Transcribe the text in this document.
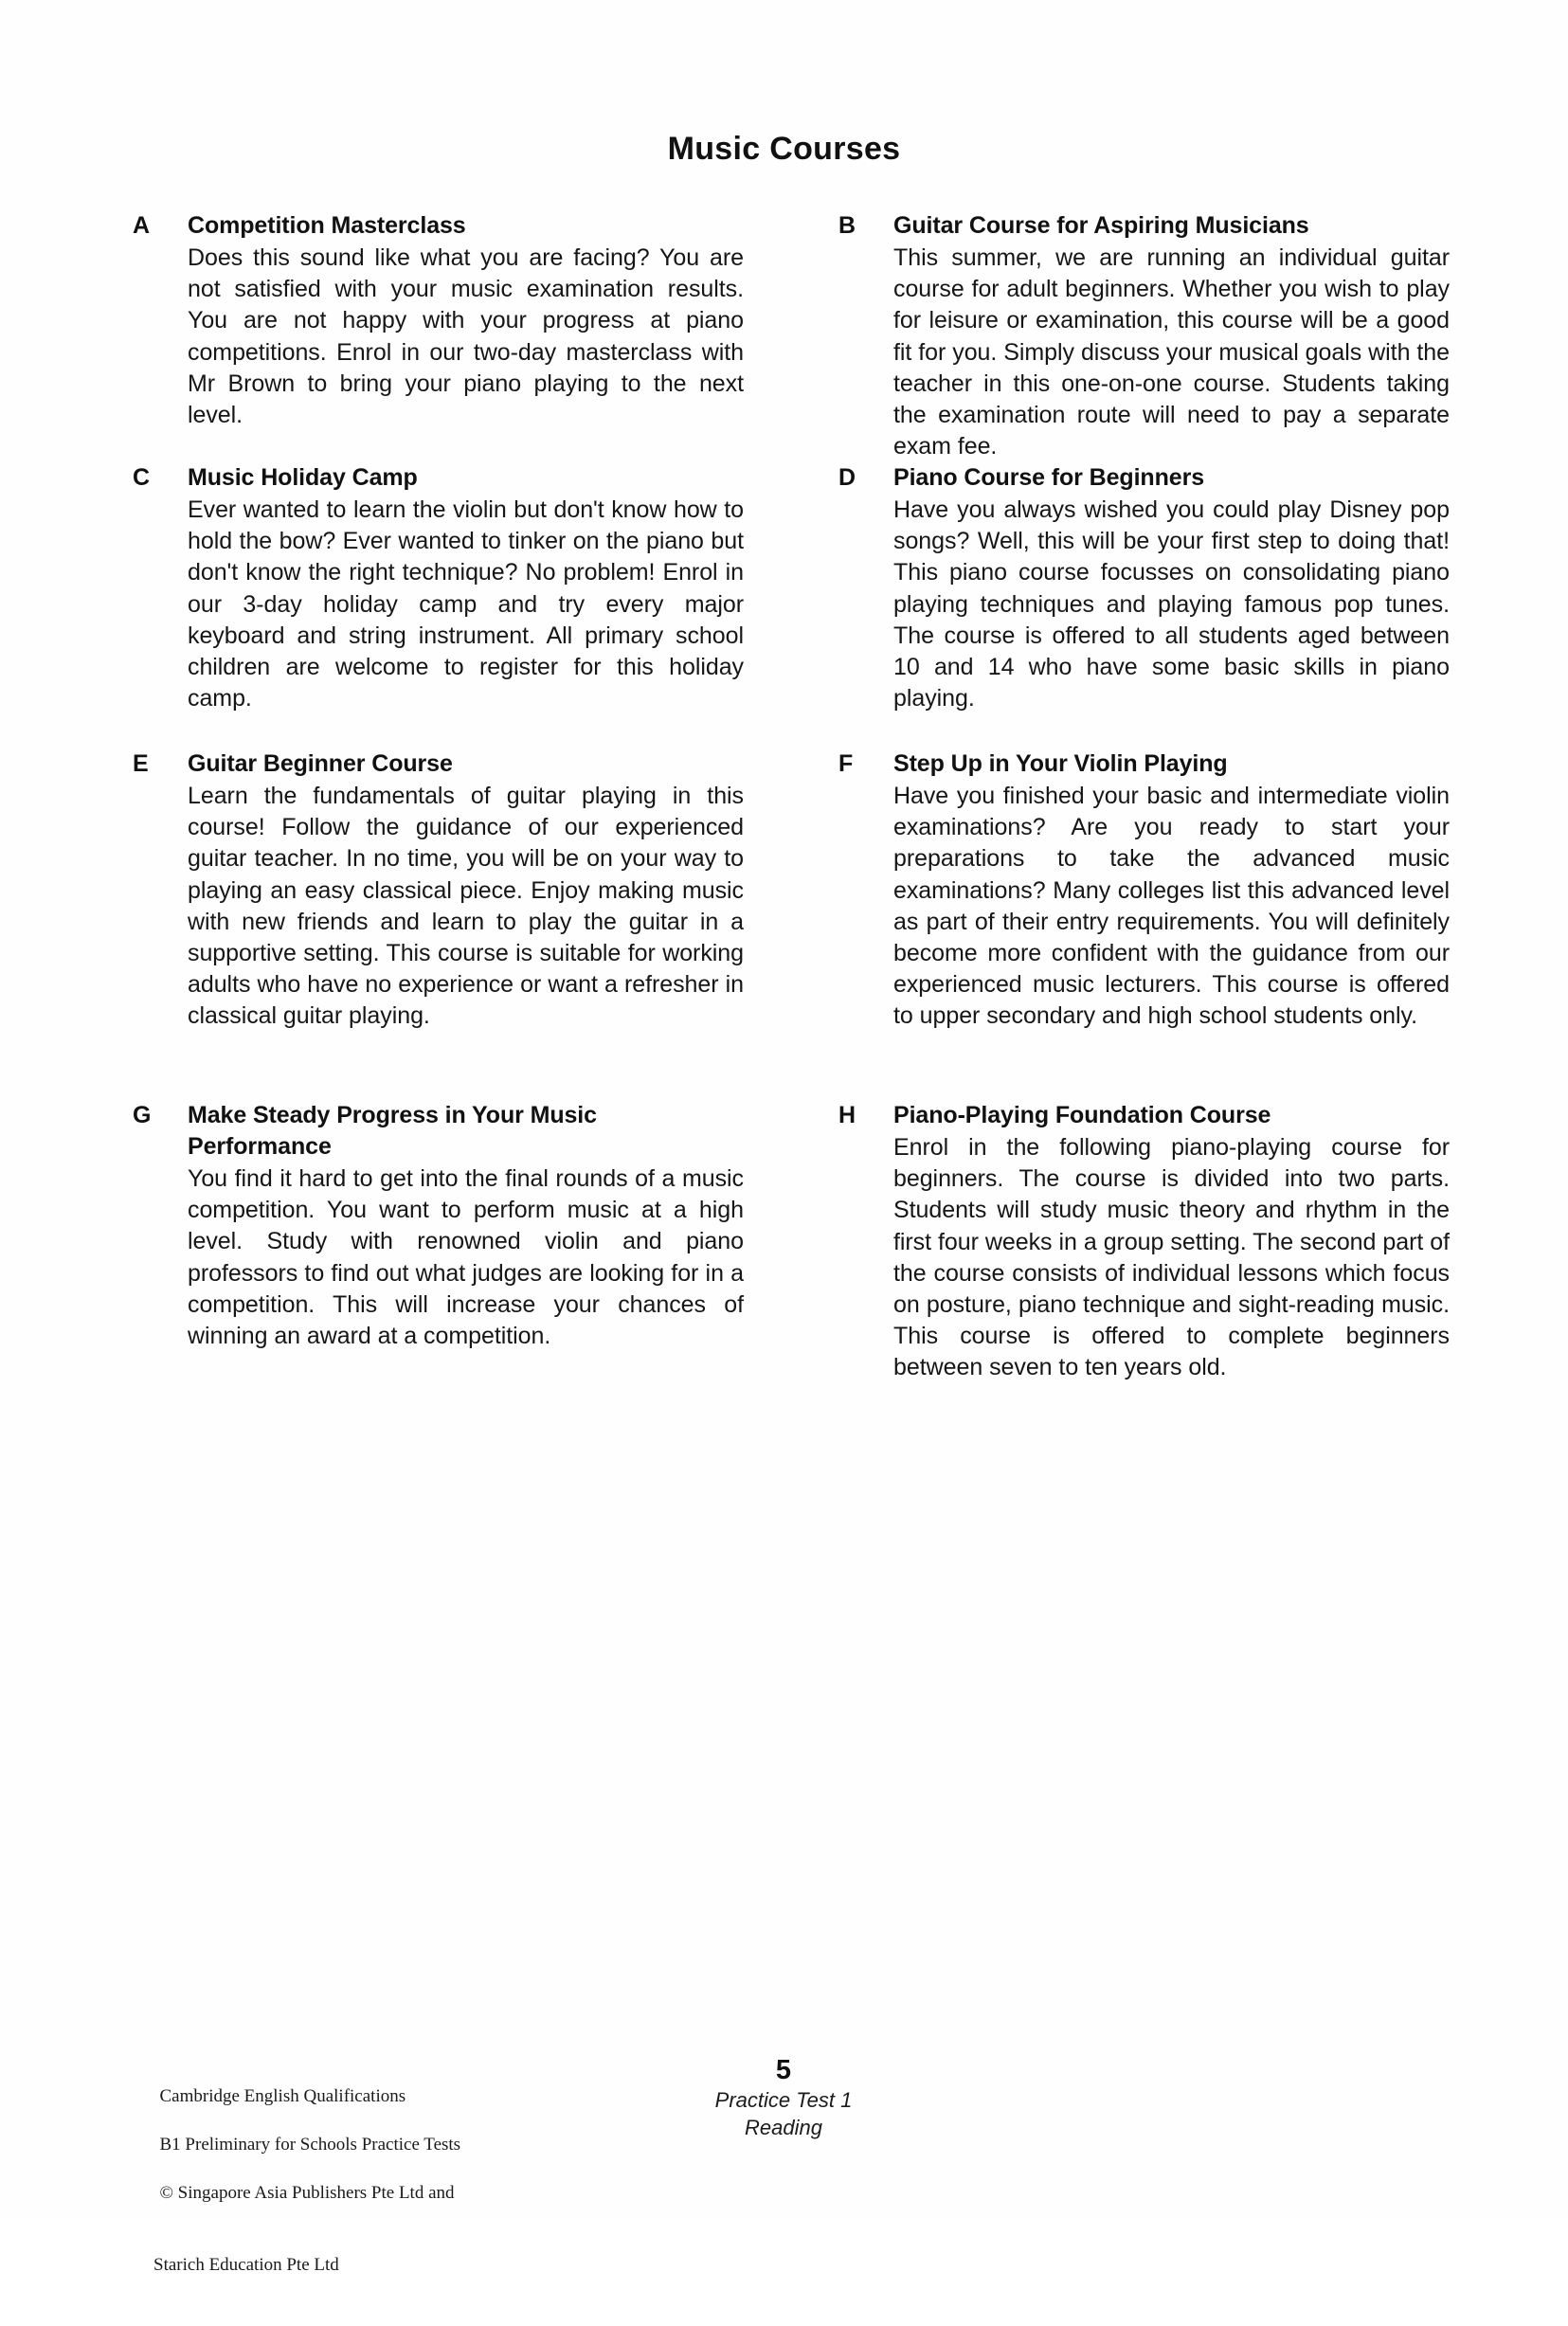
Music Courses
A	Competition Masterclass

Does this sound like what you are facing? You are not satisfied with your music examination results. You are not happy with your progress at piano competitions. Enrol in our two-day masterclass with Mr Brown to bring your piano playing to the next level.

B	Guitar Course for Aspiring Musicians

This summer, we are running an individual guitar course for adult beginners. Whether you wish to play for leisure or examination, this course will be a good fit for you. Simply discuss your musical goals with the teacher in this one-on-one course. Students taking the examination route will need to pay a separate exam fee.

C	Music Holiday Camp

Ever wanted to learn the violin but don't know how to hold the bow? Ever wanted to tinker on the piano but don't know the right technique? No problem! Enrol in our 3-day holiday camp and try every major keyboard and string instrument. All primary school children are welcome to register for this holiday camp.

D	Piano Course for Beginners

Have you always wished you could play Disney pop songs? Well, this will be your first step to doing that! This piano course focusses on consolidating piano playing techniques and playing famous pop tunes. The course is offered to all students aged between 10 and 14 who have some basic skills in piano playing.

E	Guitar Beginner Course

Learn the fundamentals of guitar playing in this course! Follow the guidance of our experienced guitar teacher. In no time, you will be on your way to playing an easy classical piece. Enjoy making music with new friends and learn to play the guitar in a supportive setting. This course is suitable for working adults who have no experience or want a refresher in classical guitar playing.

F	Step Up in Your Violin Playing

Have you finished your basic and intermediate violin examinations? Are you ready to start your preparations to take the advanced music examinations? Many colleges list this advanced level as part of their entry requirements. You will definitely become more confident with the guidance from our experienced music lecturers. This course is offered to upper secondary and high school students only.

G	Make Steady Progress in Your Music Performance

You find it hard to get into the final rounds of a music competition. You want to perform music at a high level. Study with renowned violin and piano professors to find out what judges are looking for in a competition. This will increase your chances of winning an award at a competition.

H	Piano-Playing Foundation Course

Enrol in the following piano-playing course for beginners. The course is divided into two parts. Students will study music theory and rhythm in the first four weeks in a group setting. The second part of the course consists of individual lessons which focus on posture, piano technique and sight-reading music. This course is offered to complete beginners between seven to ten years old.

Cambridge English Qualifications

B1 Preliminary for Schools Practice Tests

© Singapore Asia Publishers Pte Ltd and

Starich Education Pte Ltd

5
Practice Test 1
Reading
